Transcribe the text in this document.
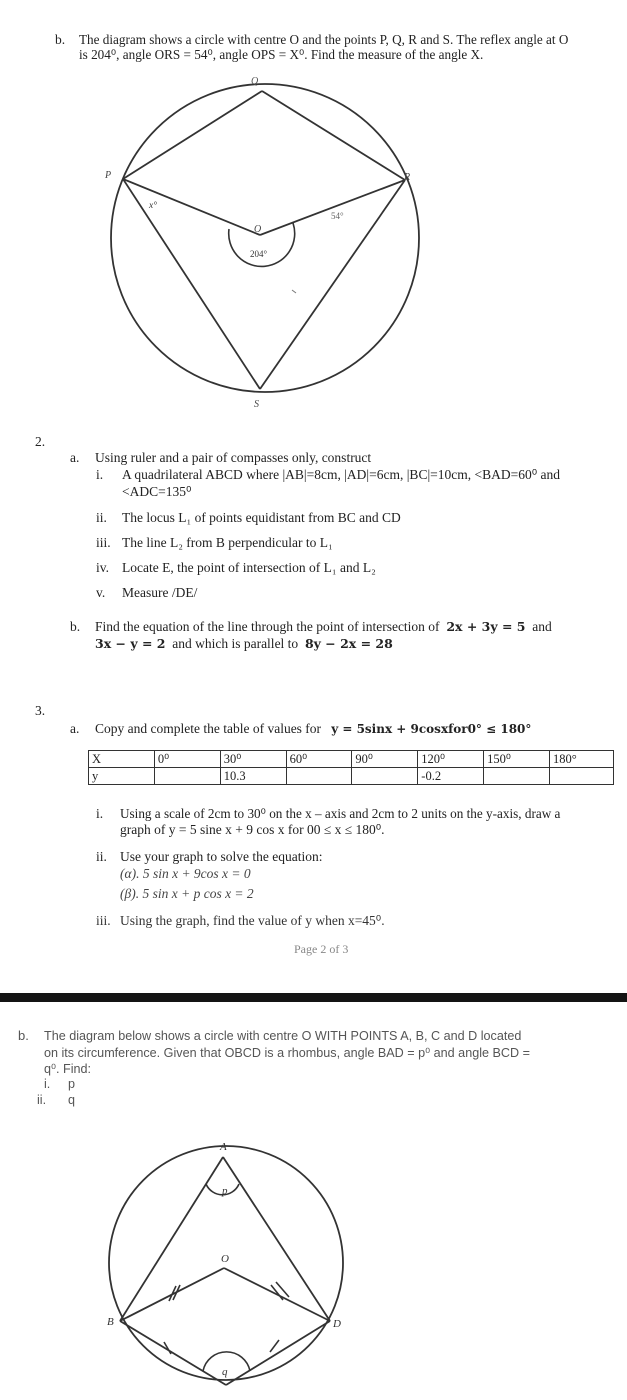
b. The diagram shows a circle with centre O and the points P, Q, R and S. The reflex angle at O
is 204⁰, angle ORS = 54⁰, angle OPS = X⁰. Find the measure of the angle X.
Q
P	R
S
O
x°
54°
204°
2.
a. Using ruler and a pair of compasses only, construct
i. A quadrilateral ABCD where |AB|=8cm, |AD|=6cm, |BC|=10cm, <BAD=60⁰ and
<ADC=135⁰
ii. The locus L₁ of points equidistant from BC and CD
iii. The line L₂ from B perpendicular to L₁
iv. Locate E, the point of intersection of L₁ and L₂
v. Measure /DE/
b. Find the equation of the line through the point of intersection of 2x + 3y = 5 and
3x − y = 2 and which is parallel to 8y − 2x = 28
3.
a. Copy and complete the table of values for y = 5sinx + 9cosxfor0° ≤ 180°
X	0⁰	30⁰	60⁰	90⁰	120⁰	150⁰	180°
y		10.3			-0.2		
i. Using a scale of 2cm to 30⁰ on the x – axis and 2cm to 2 units on the y-axis, draw a
graph of y = 5 sine x + 9 cos x for 00 ≤ x ≤ 180⁰.
ii. Use your graph to solve the equation:
(α). 5 sin x + 9cos x = 0
(β). 5 sin x + p cos x = 2
iii. Using the graph, find the value of y when x=45⁰.
Page 2 of 3
b. The diagram below shows a circle with centre O WITH POINTS A, B, C and D located
on its circumference. Given that OBCD is a rhombus, angle BAD = p⁰ and angle BCD =
q⁰. Find:
i. p
ii. q
A
B	D
O
p
q
